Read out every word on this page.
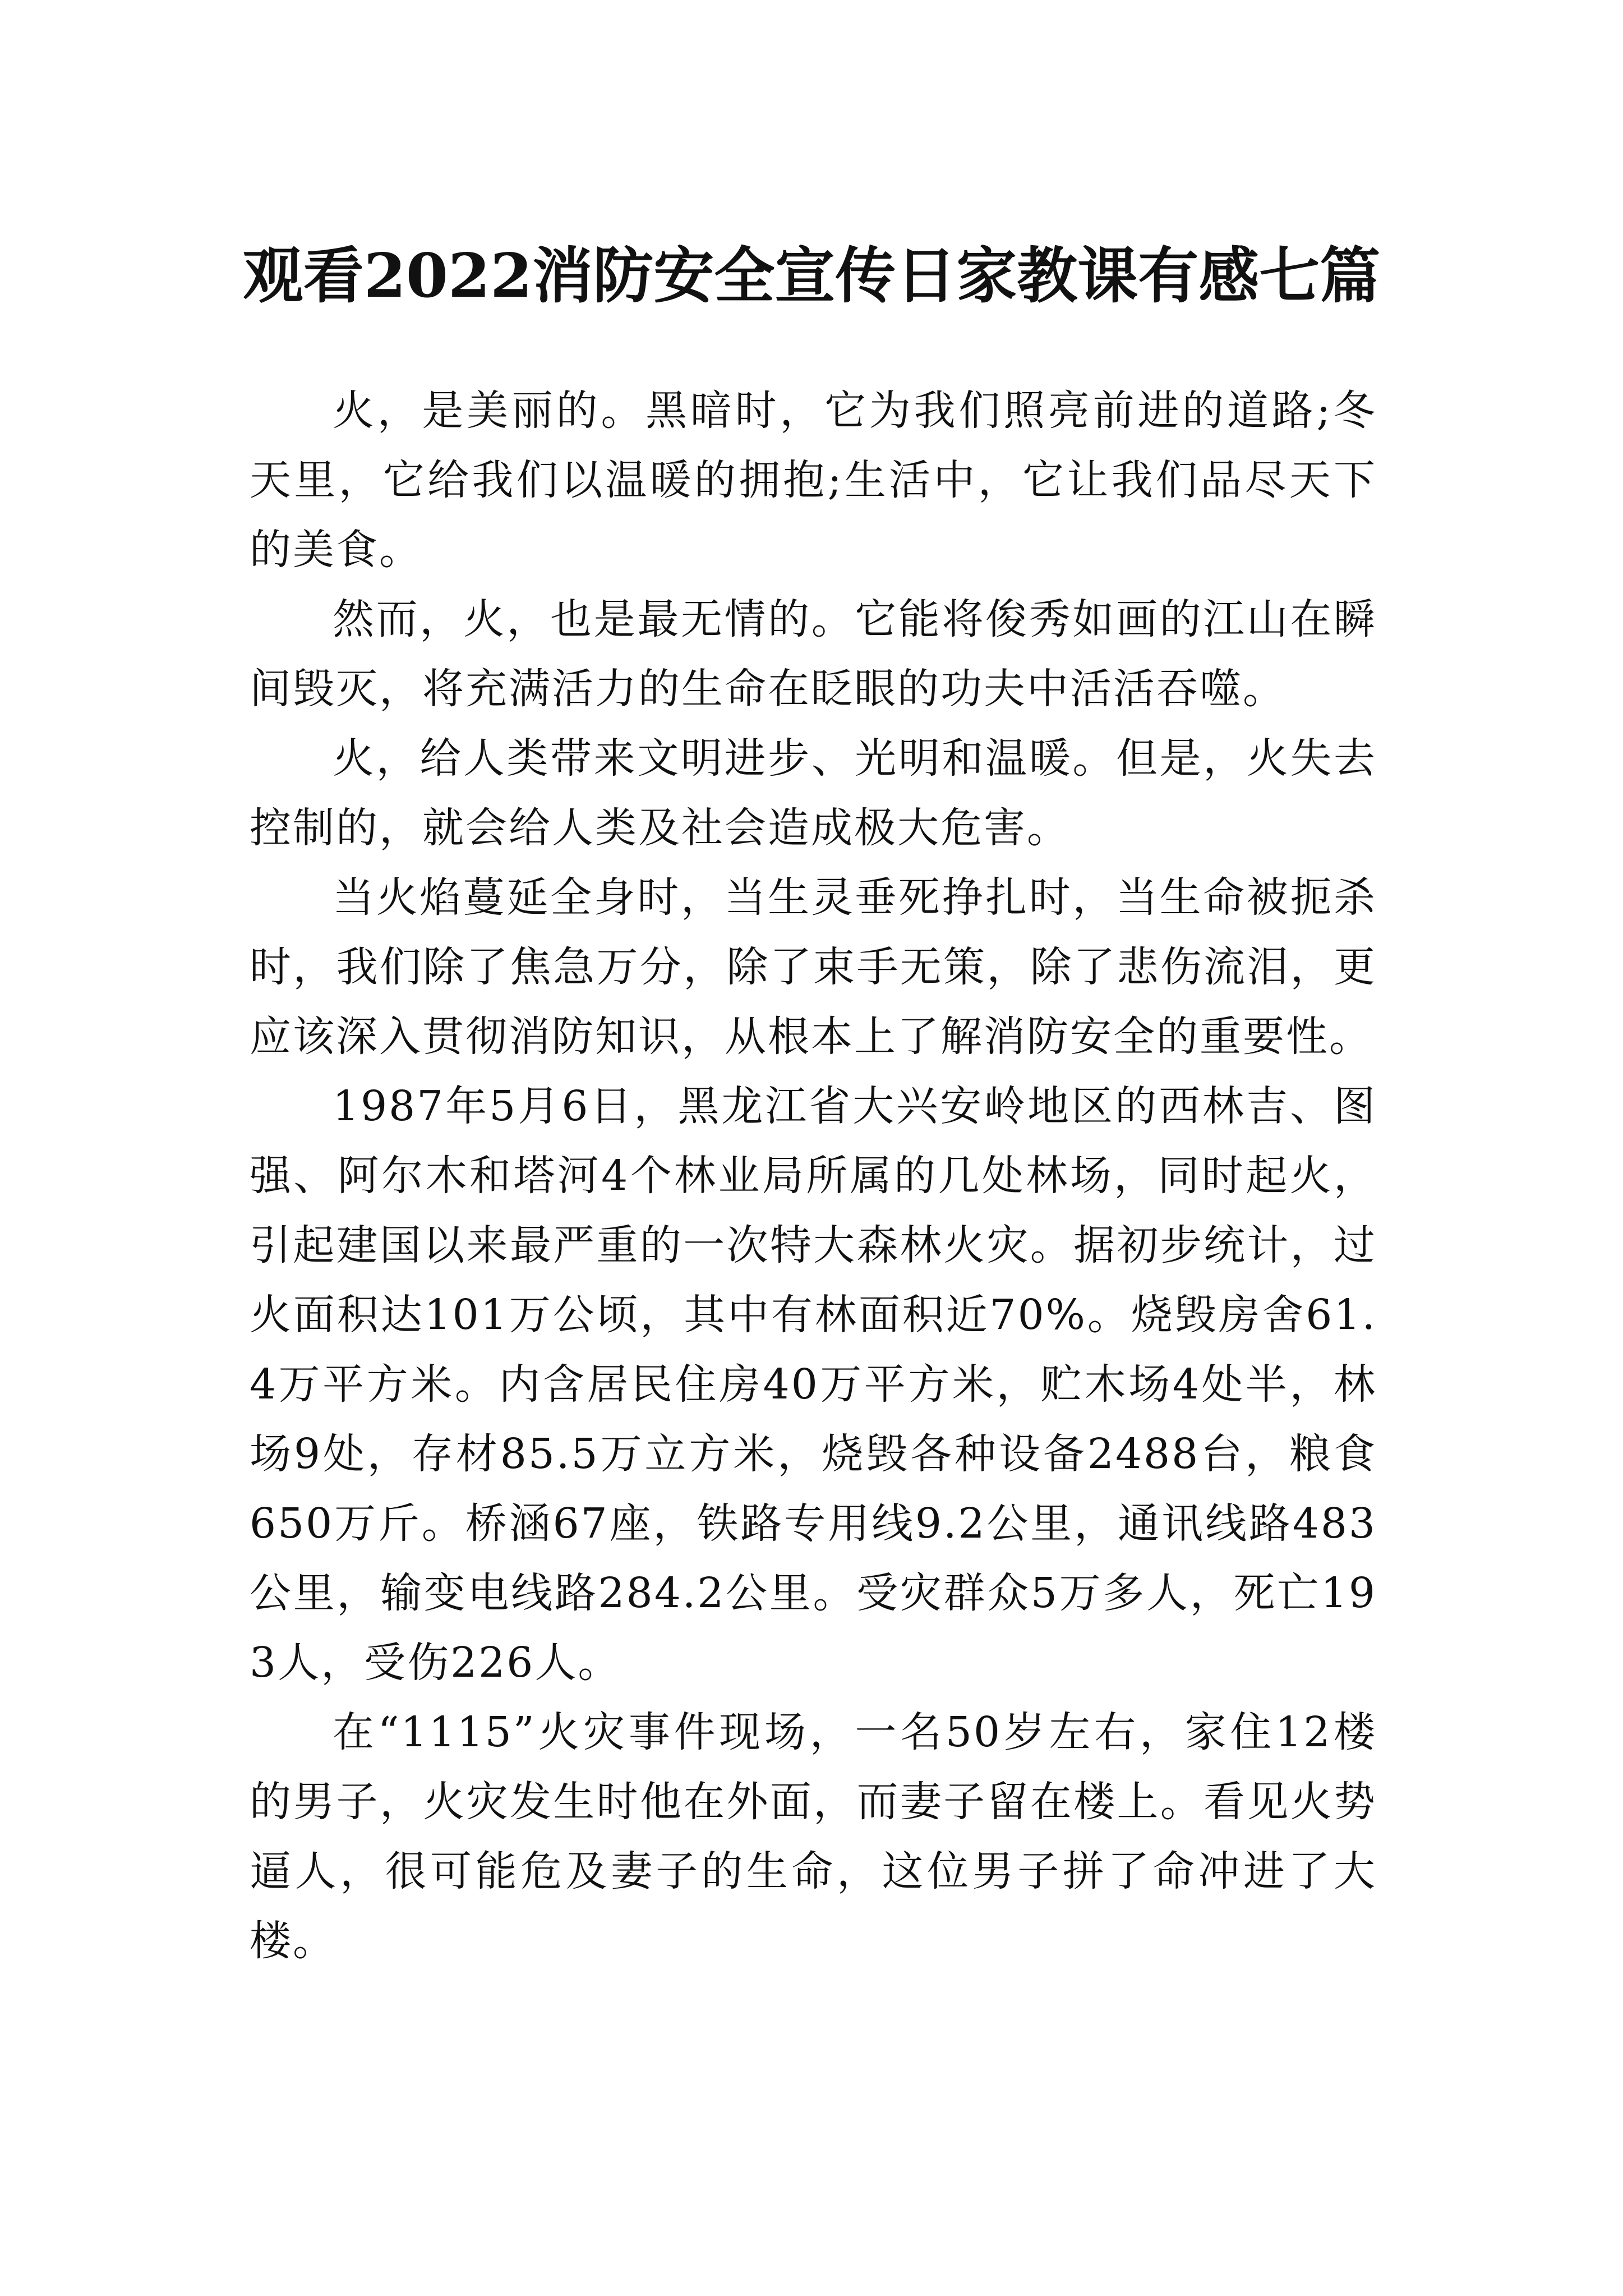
观看2022消防安全宣传日家教课有感七篇

火，是美丽的。黑暗时，它为我们照亮前进的道路;冬天里，它给我们以温暖的拥抱;生活中，它让我们品尽天下的美食。

然而，火，也是最无情的。它能将俊秀如画的江山在瞬间毁灭，将充满活力的生命在眨眼的功夫中活活吞噬。

火，给人类带来文明进步、光明和温暖。但是，火失去控制的，就会给人类及社会造成极大危害。

当火焰蔓延全身时，当生灵垂死挣扎时，当生命被扼杀时，我们除了焦急万分，除了束手无策，除了悲伤流泪，更应该深入贯彻消防知识，从根本上了解消防安全的重要性。

1987年5月6日，黑龙江省大兴安岭地区的西林吉、图强、阿尔木和塔河4个林业局所属的几处林场，同时起火，引起建国以来最严重的一次特大森林火灾。据初步统计，过火面积达101万公顷，其中有林面积近70%。烧毁房舍61.4万平方米。内含居民住房40万平方米，贮木场4处半，林场9处，存材85.5万立方米，烧毁各种设备2488台，粮食650万斤。桥涵67座，铁路专用线9.2公里，通讯线路483公里，输变电线路284.2公里。受灾群众5万多人，死亡193人，受伤226人。

在“1115”火灾事件现场，一名50岁左右，家住12楼的男子，火灾发生时他在外面，而妻子留在楼上。看见火势逼人，很可能危及妻子的生命，这位男子拼了命冲进了大楼。
